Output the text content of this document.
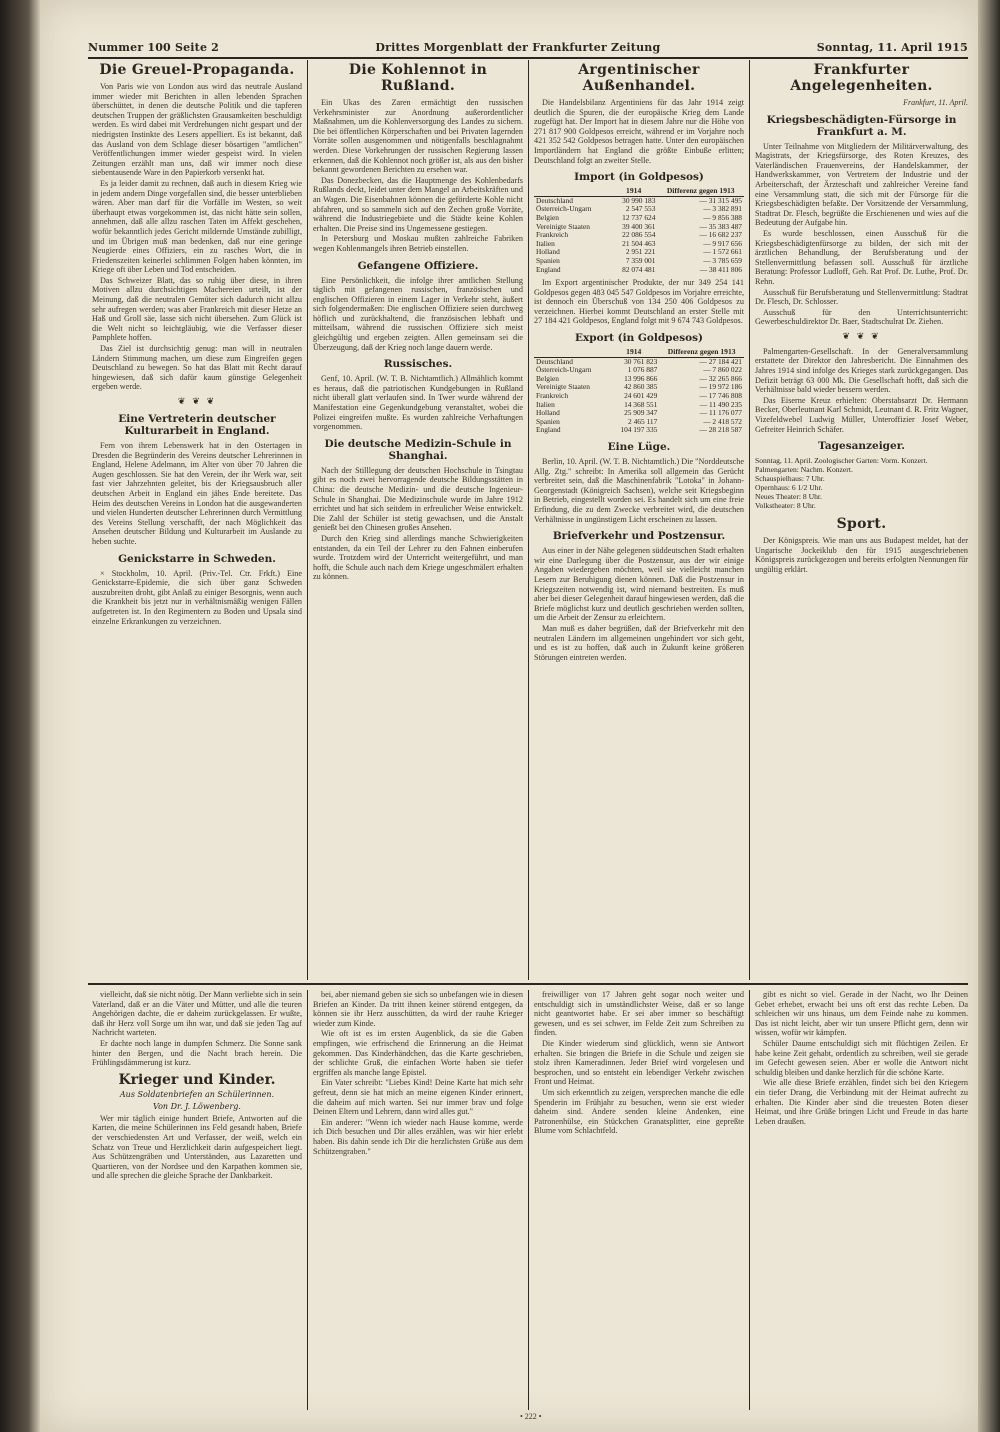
Nummer 100 Seite 2	Drittes Morgenblatt der Frankfurter Zeitung	Sonntag, 11. April 1915
Die Greuel-Propaganda.

Von Paris wie von London aus wird das neutrale Ausland immer wieder mit Berichten in allen lebenden Sprachen überschüttet, in denen die deutsche Politik und die tapferen deutschen Truppen der gräßlichsten Grausamkeiten beschuldigt werden. Es wird dabei mit Verdrehungen nicht gespart und der niedrigsten Instinkte des Lesers appelliert. Es ist bekannt, daß das Ausland von dem Schlage dieser bösartigen "amtlichen" Veröffentlichungen immer wieder gespeist wird. In vielen Zeitungen erzählt man uns, daß wir immer noch diese siebentausende Ware in den Papierkorb versenkt hat.

Es ja leider damit zu rechnen, daß auch in diesem Krieg wie in jedem andern Dinge vorgefallen sind, die besser unterblieben wären. Aber man darf für die Vorfälle im Westen, so weit überhaupt etwas vorgekommen ist, das nicht hätte sein sollen, annehmen, daß alle allzu raschen Taten im Affekt geschehen, wofür bekanntlich jedes Gericht mildernde Umstände zubilligt, und im Übrigen muß man bedenken, daß nur eine geringe Neugierde eines Offiziers, ein zu rasches Wort, die in Friedenszeiten keinerlei schlimmen Folgen haben könnten, im Kriege oft über Leben und Tod entscheiden.

Das Schweizer Blatt, das so ruhig über diese, in ihren Motiven allzu durchsichtigen Machereien urteilt, ist der Meinung, daß die neutralen Gemüter sich dadurch nicht allzu sehr aufregen werden; was aber Frankreich mit dieser Hetze an Haß und Groll säe, lasse sich nicht übersehen. Zum Glück ist die Welt nicht so leichtgläubig, wie die Verfasser dieser Pamphlete hoffen.

Das Ziel ist durchsichtig genug: man will in neutralen Ländern Stimmung machen, um diese zum Eingreifen gegen Deutschland zu bewegen. So hat das Blatt mit Recht darauf hingewiesen, daß sich dafür kaum günstige Gelegenheit ergeben werde.

❦ ❦ ❦
Eine Vertreterin deutscher Kulturarbeit in England.

Fern von ihrem Lebenswerk hat in den Ostertagen in Dresden die Begründerin des Vereins deutscher Lehrerinnen in England, Helene Adelmann, im Alter von über 70 Jahren die Augen geschlossen. Sie hat den Verein, der ihr Werk war, seit fast vier Jahrzehnten geleitet, bis der Kriegsausbruch aller deutschen Arbeit in England ein jähes Ende bereitete. Das Heim des deutschen Vereins in London hat die ausgewanderten und vielen Hunderten deutscher Lehrerinnen durch Vermittlung des Vereins Stellung verschafft, der nach Möglichkeit das Ansehen deutscher Bildung und Kulturarbeit im Auslande zu heben suchte.

Genickstarre in Schweden.

× Stockholm, 10. April. (Priv.-Tel. Ctr. Frkft.) Eine Genickstarre-Epidemie, die sich über ganz Schweden auszubreiten droht, gibt Anlaß zu einiger Besorgnis, wenn auch die Krankheit bis jetzt nur in verhältnismäßig wenigen Fällen aufgetreten ist. In den Regimentern zu Boden und Upsala sind einzelne Erkrankungen zu verzeichnen.

Die Kohlennot in Rußland.

Ein Ukas des Zaren ermächtigt den russischen Verkehrsminister zur Anordnung außerordentlicher Maßnahmen, um die Kohlenversorgung des Landes zu sichern. Die bei öffentlichen Körperschaften und bei Privaten lagernden Vorräte sollen ausgenommen und nötigenfalls beschlagnahmt werden. Diese Vorkehrungen der russischen Regierung lassen erkennen, daß die Kohlennot noch größer ist, als aus den bisher bekannt gewordenen Berichten zu ersehen war.

Das Donezbecken, das die Hauptmenge des Kohlenbedarfs Rußlands deckt, leidet unter dem Mangel an Arbeitskräften und an Wagen. Die Eisenbahnen können die geförderte Kohle nicht abfahren, und so sammeln sich auf den Zechen große Vorräte, während die Industriegebiete und die Städte keine Kohlen erhalten. Die Preise sind ins Ungemessene gestiegen.

In Petersburg und Moskau mußten zahlreiche Fabriken wegen Kohlenmangels ihren Betrieb einstellen.

Gefangene Offiziere.

Eine Persönlichkeit, die infolge ihrer amtlichen Stellung täglich mit gefangenen russischen, französischen und englischen Offizieren in einem Lager in Verkehr steht, äußert sich folgendermaßen: Die englischen Offiziere seien durchweg höflich und zurückhaltend, die französischen lebhaft und mitteilsam, während die russischen Offiziere sich meist gleichgültig und ergeben zeigten. Allen gemeinsam sei die Überzeugung, daß der Krieg noch lange dauern werde.

Russisches.

Genf, 10. April. (W. T. B. Nichtamtlich.) Allmählich kommt es heraus, daß die patriotischen Kundgebungen in Rußland nicht überall glatt verlaufen sind. In Twer wurde während der Manifestation eine Gegenkundgebung veranstaltet, wobei die Polizei eingreifen mußte. Es wurden zahlreiche Verhaftungen vorgenommen.

Die deutsche Medizin-Schule in Shanghai.

Nach der Stilllegung der deutschen Hochschule in Tsingtau gibt es noch zwei hervorragende deutsche Bildungsstätten in China: die deutsche Medizin- und die deutsche Ingenieur-Schule in Shanghai. Die Medizinschule wurde im Jahre 1912 errichtet und hat sich seitdem in erfreulicher Weise entwickelt. Die Zahl der Schüler ist stetig gewachsen, und die Anstalt genießt bei den Chinesen großes Ansehen.

Durch den Krieg sind allerdings manche Schwierigkeiten entstanden, da ein Teil der Lehrer zu den Fahnen einberufen wurde. Trotzdem wird der Unterricht weitergeführt, und man hofft, die Schule auch nach dem Kriege ungeschmälert erhalten zu können.

Argentinischer Außenhandel.

Die Handelsbilanz Argentiniens für das Jahr 1914 zeigt deutlich die Spuren, die der europäische Krieg dem Lande zugefügt hat. Der Import hat in diesem Jahre nur die Höhe von 271 817 900 Goldpesos erreicht, während er im Vorjahre noch 421 352 542 Goldpesos betragen hatte. Unter den europäischen Importländern hat England die größte Einbuße erlitten; Deutschland folgt an zweiter Stelle.

Import (in Goldpesos)
	1914	Differenz gegen 1913
Deutschland	30 990 183	— 31 315 495
Österreich-Ungarn	2 547 553	— 3 382 891
Belgien	12 737 624	— 9 856 388
Vereinigte Staaten	39 400 361	— 35 383 487
Frankreich	22 086 554	— 16 682 237
Italien	21 504 463	— 9 917 656
Holland	2 951 221	— 1 572 661
Spanien	7 359 001	— 3 785 659
England	82 074 481	— 38 411 806

Im Export argentinischer Produkte, der nur 349 254 141 Goldpesos gegen 483 045 547 Goldpesos im Vorjahre erreichte, ist dennoch ein Überschuß von 134 250 406 Goldpesos zu verzeichnen. Hierbei kommt Deutschland an erster Stelle mit 27 184 421 Goldpesos, England folgt mit 9 674 743 Goldpesos.

Export (in Goldpesos)
	1914	Differenz gegen 1913
Deutschland	30 761 823	— 27 184 421
Österreich-Ungarn	1 076 887	— 7 860 022
Belgien	13 996 866	— 32 265 866
Vereinigte Staaten	42 860 385	— 19 972 186
Frankreich	24 601 429	— 17 746 808
Italien	14 368 551	— 11 490 235
Holland	25 909 347	— 11 176 077
Spanien	2 465 117	— 2 418 572
England	104 197 335	— 28 218 587
Eine Lüge.

Berlin, 10. April. (W. T. B. Nichtamtlich.) Die "Norddeutsche Allg. Ztg." schreibt: In Amerika soll allgemein das Gerücht verbreitet sein, daß die Maschinenfabrik "Lotoka" in Johann-Georgenstadt (Königreich Sachsen), welche seit Kriegsbeginn in Betrieb, eingestellt worden sei. Es handelt sich um eine freie Erfindung, die zu dem Zwecke verbreitet wird, die deutschen Verhältnisse in ungünstigem Licht erscheinen zu lassen.

Briefverkehr und Postzensur.

Aus einer in der Nähe gelegenen süddeutschen Stadt erhalten wir eine Darlegung über die Postzensur, aus der wir einige Angaben wiedergeben möchten, weil sie vielleicht manchen Lesern zur Beruhigung dienen können. Daß die Postzensur in Kriegszeiten notwendig ist, wird niemand bestreiten. Es muß aber bei dieser Gelegenheit darauf hingewiesen werden, daß die Briefe möglichst kurz und deutlich geschrieben werden sollten, um die Arbeit der Zensur zu erleichtern.

Man muß es daher begrüßen, daß der Briefverkehr mit den neutralen Ländern im allgemeinen ungehindert vor sich geht, und es ist zu hoffen, daß auch in Zukunft keine größeren Störungen eintreten werden.

Frankfurter Angelegenheiten.
Frankfurt, 11. April.
Kriegsbeschädigten-Fürsorge in Frankfurt a. M.

Unter Teilnahme von Mitgliedern der Militärverwaltung, des Magistrats, der Kriegsfürsorge, des Roten Kreuzes, des Vaterländischen Frauenvereins, der Handelskammer, der Handwerkskammer, von Vertretern der Industrie und der Arbeiterschaft, der Ärzteschaft und zahlreicher Vereine fand eine Versammlung statt, die sich mit der Fürsorge für die Kriegsbeschädigten befaßte. Der Vorsitzende der Versammlung, Stadtrat Dr. Flesch, begrüßte die Erschienenen und wies auf die Bedeutung der Aufgabe hin.

Es wurde beschlossen, einen Ausschuß für die Kriegsbeschädigtenfürsorge zu bilden, der sich mit der ärztlichen Behandlung, der Berufsberatung und der Stellenvermittlung befassen soll. Ausschuß für ärztliche Beratung: Professor Ludloff, Geh. Rat Prof. Dr. Luthe, Prof. Dr. Rehn.

Ausschuß für Berufsberatung und Stellenvermittlung: Stadtrat Dr. Flesch, Dr. Schlosser.

Ausschuß für den Unterrichtsunterricht: Gewerbeschuldirektor Dr. Baer, Stadtschulrat Dr. Ziehen.

❦ ❦ ❦

Palmengarten-Gesellschaft. In der Generalversammlung erstattete der Direktor den Jahresbericht. Die Einnahmen des Jahres 1914 sind infolge des Krieges stark zurückgegangen. Das Defizit beträgt 63 000 Mk. Die Gesellschaft hofft, daß sich die Verhältnisse bald wieder bessern werden.

Das Eiserne Kreuz erhielten: Oberstabsarzt Dr. Hermann Becker, Oberleutnant Karl Schmidt, Leutnant d. R. Fritz Wagner, Vizefeldwebel Ludwig Müller, Unteroffizier Josef Weber, Gefreiter Heinrich Schäfer.

Tagesanzeiger.
Sonntag, 11. April. Zoologischer Garten: Vorm. Konzert.
Palmengarten: Nachm. Konzert.
Schauspielhaus: 7 Uhr.
Opernhaus: 6 1/2 Uhr.
Neues Theater: 8 Uhr.
Volkstheater: 8 Uhr.
Sport.

Der Königspreis. Wie man uns aus Budapest meldet, hat der Ungarische Jockeiklub den für 1915 ausgeschriebenen Königspreis zurückgezogen und bereits erfolgten Nennungen für ungültig erklärt.

vielleicht, daß sie nicht nötig. Der Mann verliebte sich in sein Vaterland, daß er an die Väter und Mütter, und alle die teuren Angehörigen dachte, die er daheim zurückgelassen. Er wußte, daß ihr Herz voll Sorge um ihn war, und daß sie jeden Tag auf Nachricht warteten.

Er dachte noch lange in dumpfen Schmerz. Die Sonne sank hinter den Bergen, und die Nacht brach herein. Die Frühlingsdämmerung ist kurz.

Krieger und Kinder.
Aus Soldatenbriefen an Schülerinnen.
Von Dr. J. Löwenberg.

Wer mir täglich einige hundert Briefe, Antworten auf die Karten, die meine Schülerinnen ins Feld gesandt haben, Briefe der verschiedensten Art und Verfasser, der weiß, welch ein Schatz von Treue und Herzlichkeit darin aufgespeichert liegt. Aus Schützengräben und Unterständen, aus Lazaretten und Quartieren, von der Nordsee und den Karpathen kommen sie, und alle sprechen die gleiche Sprache der Dankbarkeit.

bei, aber niemand geben sie sich so unbefangen wie in diesen Briefen an Kinder. Da tritt ihnen keiner störend entgegen, da können sie ihr Herz ausschütten, da wird der rauhe Krieger wieder zum Kinde.

Wie oft ist es im ersten Augenblick, da sie die Gaben empfingen, wie erfrischend die Erinnerung an die Heimat gekommen. Das Kinderhändchen, das die Karte geschrieben, der schlichte Gruß, die einfachen Worte haben sie tiefer ergriffen als manche lange Epistel.

Ein Vater schreibt: "Liebes Kind! Deine Karte hat mich sehr gefreut, denn sie hat mich an meine eigenen Kinder erinnert, die daheim auf mich warten. Sei nur immer brav und folge Deinen Eltern und Lehrern, dann wird alles gut."

Ein anderer: "Wenn ich wieder nach Hause komme, werde ich Dich besuchen und Dir alles erzählen, was wir hier erlebt haben. Bis dahin sende ich Dir die herzlichsten Grüße aus dem Schützengraben."

freiwilliger von 17 Jahren geht sogar noch weiter und entschuldigt sich in umständlichster Weise, daß er so lange nicht geantwortet habe. Er sei aber immer so beschäftigt gewesen, und es sei schwer, im Felde Zeit zum Schreiben zu finden.

Die Kinder wiederum sind glücklich, wenn sie Antwort erhalten. Sie bringen die Briefe in die Schule und zeigen sie stolz ihren Kameradinnen. Jeder Brief wird vorgelesen und besprochen, und so entsteht ein lebendiger Verkehr zwischen Front und Heimat.

Um sich erkenntlich zu zeigen, versprechen manche die edle Spenderin im Frühjahr zu besuchen, wenn sie erst wieder daheim sind. Andere senden kleine Andenken, eine Patronenhülse, ein Stückchen Granatsplitter, eine gepreßte Blume vom Schlachtfeld.

gibt es nicht so viel. Gerade in der Nacht, wo Ihr Deinen Gebet erhebet, erwacht bei uns oft erst das rechte Leben. Da schleichen wir uns hinaus, um dem Feinde nahe zu kommen. Das ist nicht leicht, aber wir tun unsere Pflicht gern, denn wir wissen, wofür wir kämpfen.

Schüler Daume entschuldigt sich mit flüchtigen Zeilen. Er habe keine Zeit gehabt, ordentlich zu schreiben, weil sie gerade im Gefecht gewesen seien. Aber er wolle die Antwort nicht schuldig bleiben und danke herzlich für die schöne Karte.

Wie alle diese Briefe erzählen, findet sich bei den Kriegern ein tiefer Drang, die Verbindung mit der Heimat aufrecht zu erhalten. Die Kinder aber sind die treuesten Boten dieser Heimat, und ihre Grüße bringen Licht und Freude in das harte Leben draußen.

• 222 •
